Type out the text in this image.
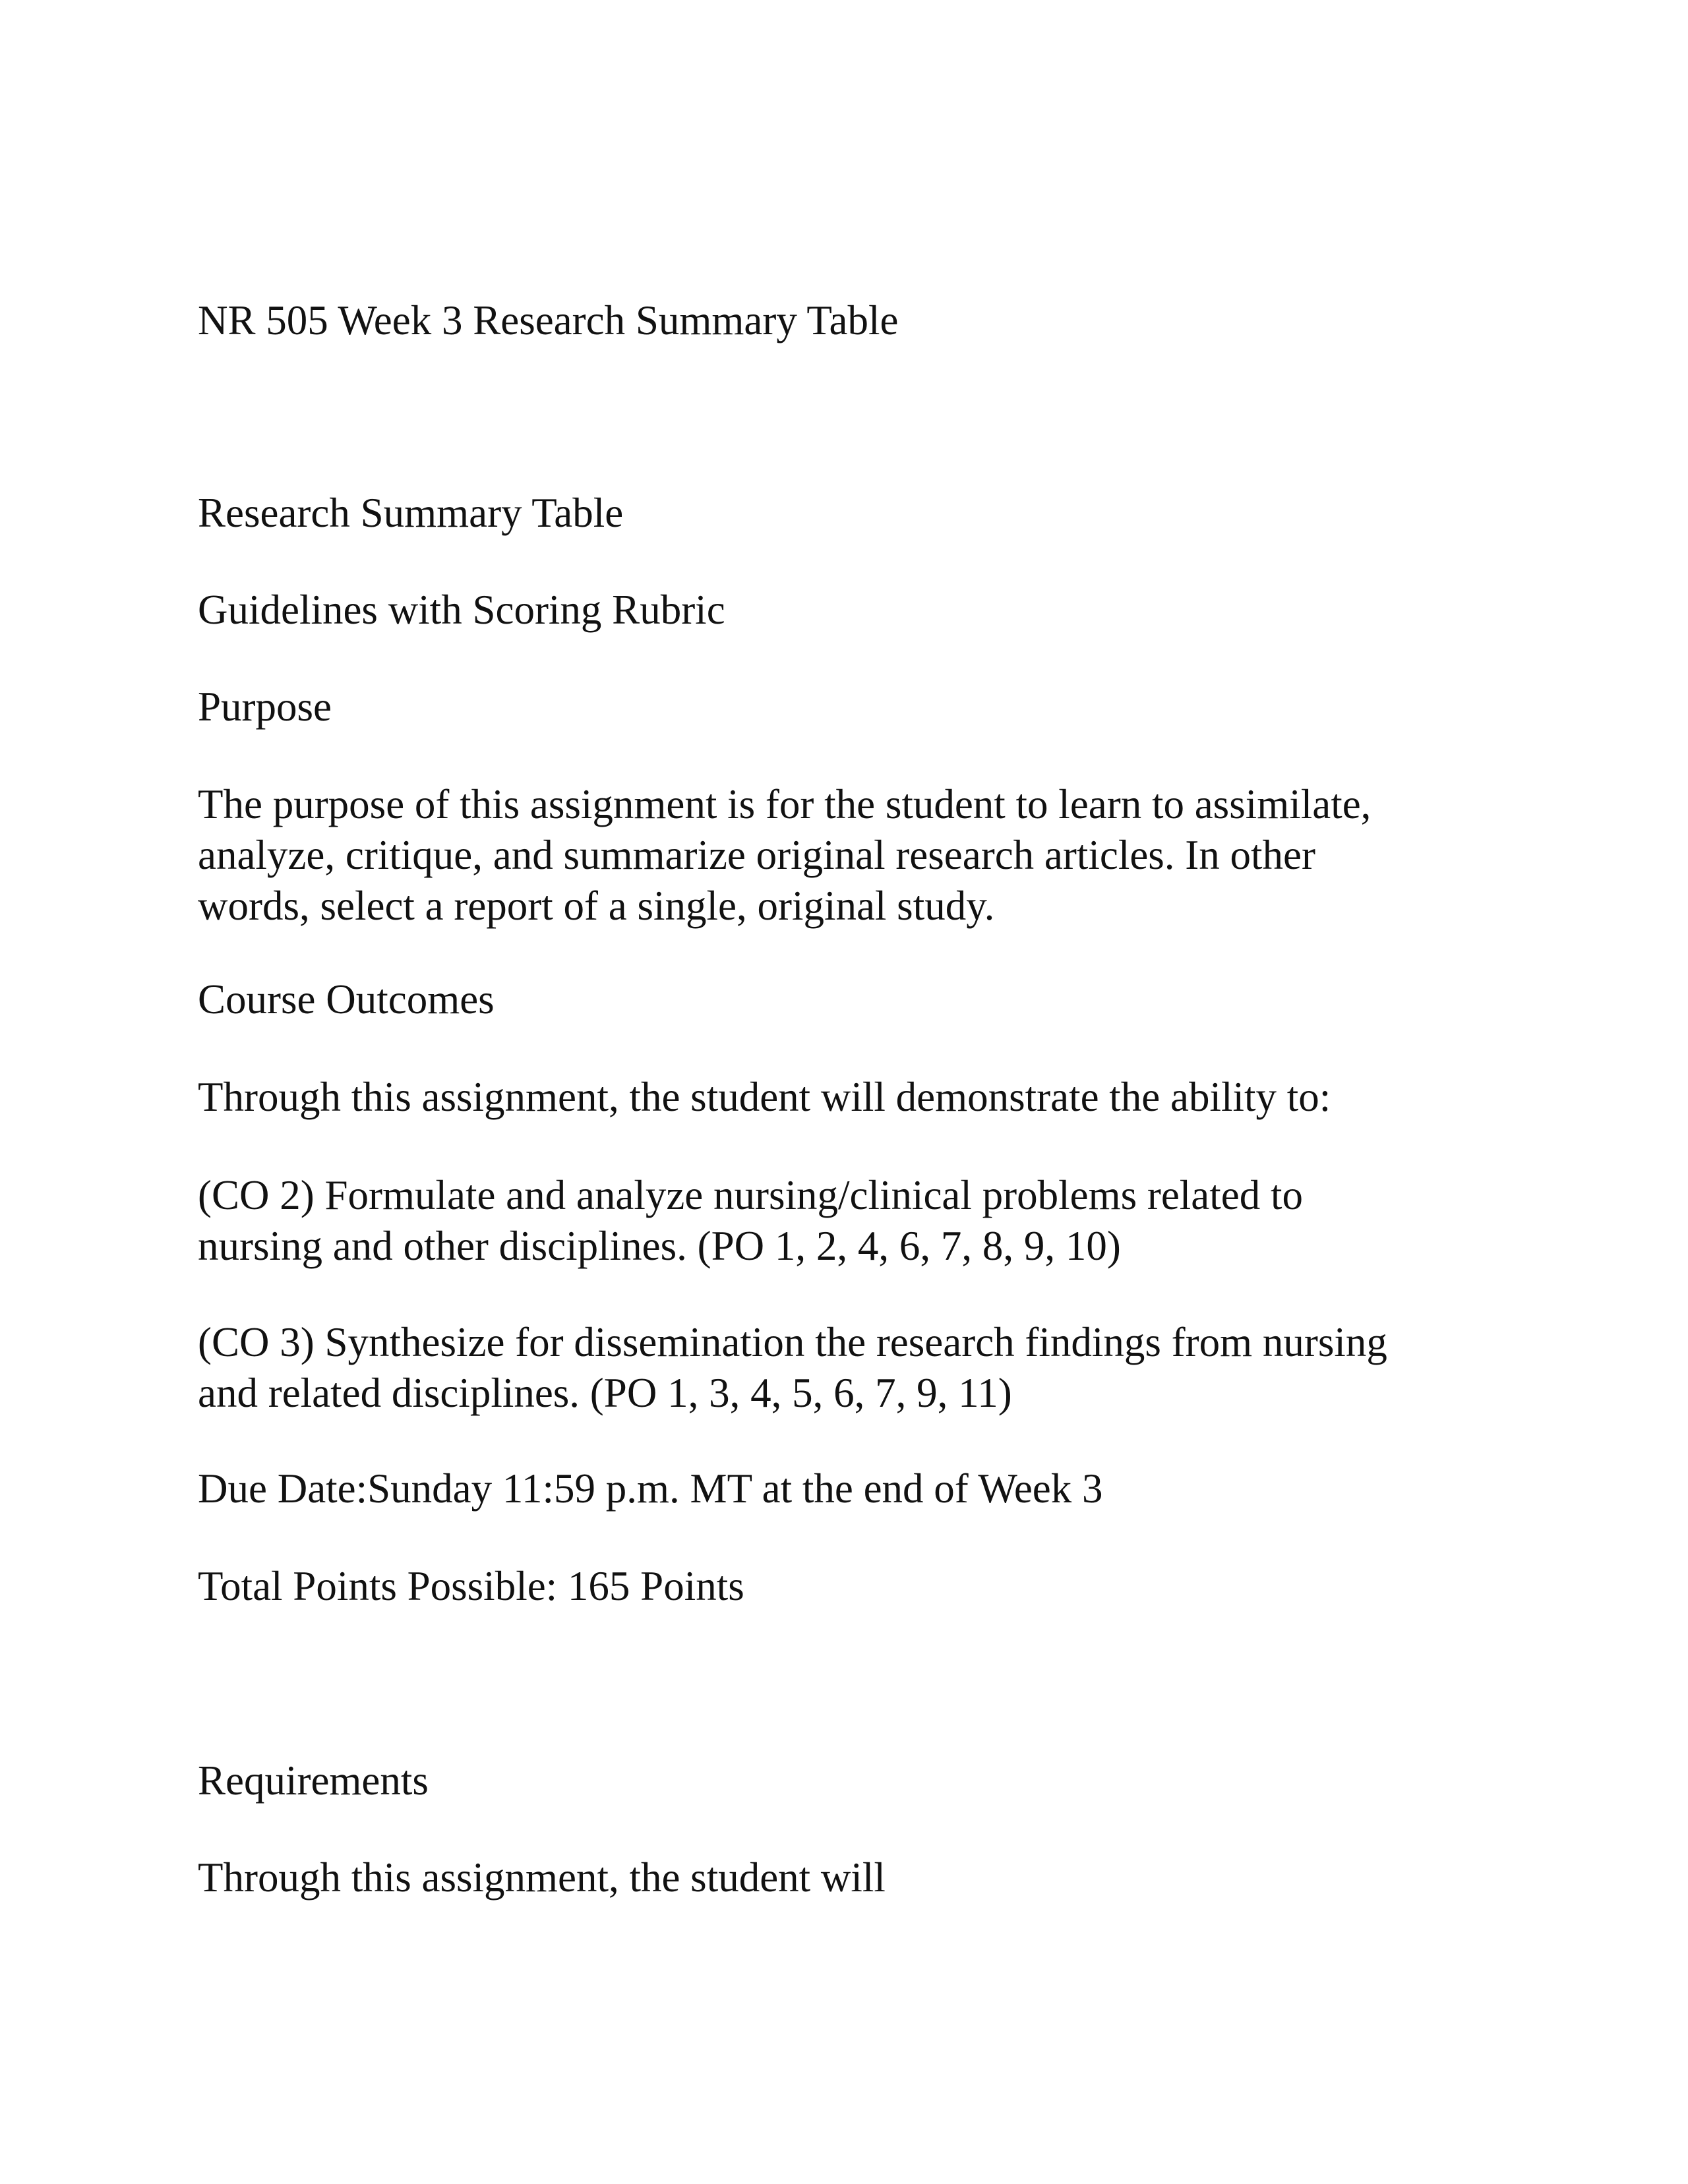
NR 505 Week 3 Research Summary Table

Research Summary Table

Guidelines with Scoring Rubric

Purpose

The purpose of this assignment is for the student to learn to assimilate,
analyze, critique, and summarize original research articles. In other
words, select a report of a single, original study.

Course Outcomes

Through this assignment, the student will demonstrate the ability to:

(CO 2) Formulate and analyze nursing/clinical problems related to
nursing and other disciplines. (PO 1, 2, 4, 6, 7, 8, 9, 10)
(CO 3) Synthesize for dissemination the research findings from nursing
and related disciplines. (PO 1, 3, 4, 5, 6, 7, 9, 11)

Due Date:Sunday 11:59 p.m. MT at the end of Week 3

Total Points Possible: 165 Points

Requirements

Through this assignment, the student will
